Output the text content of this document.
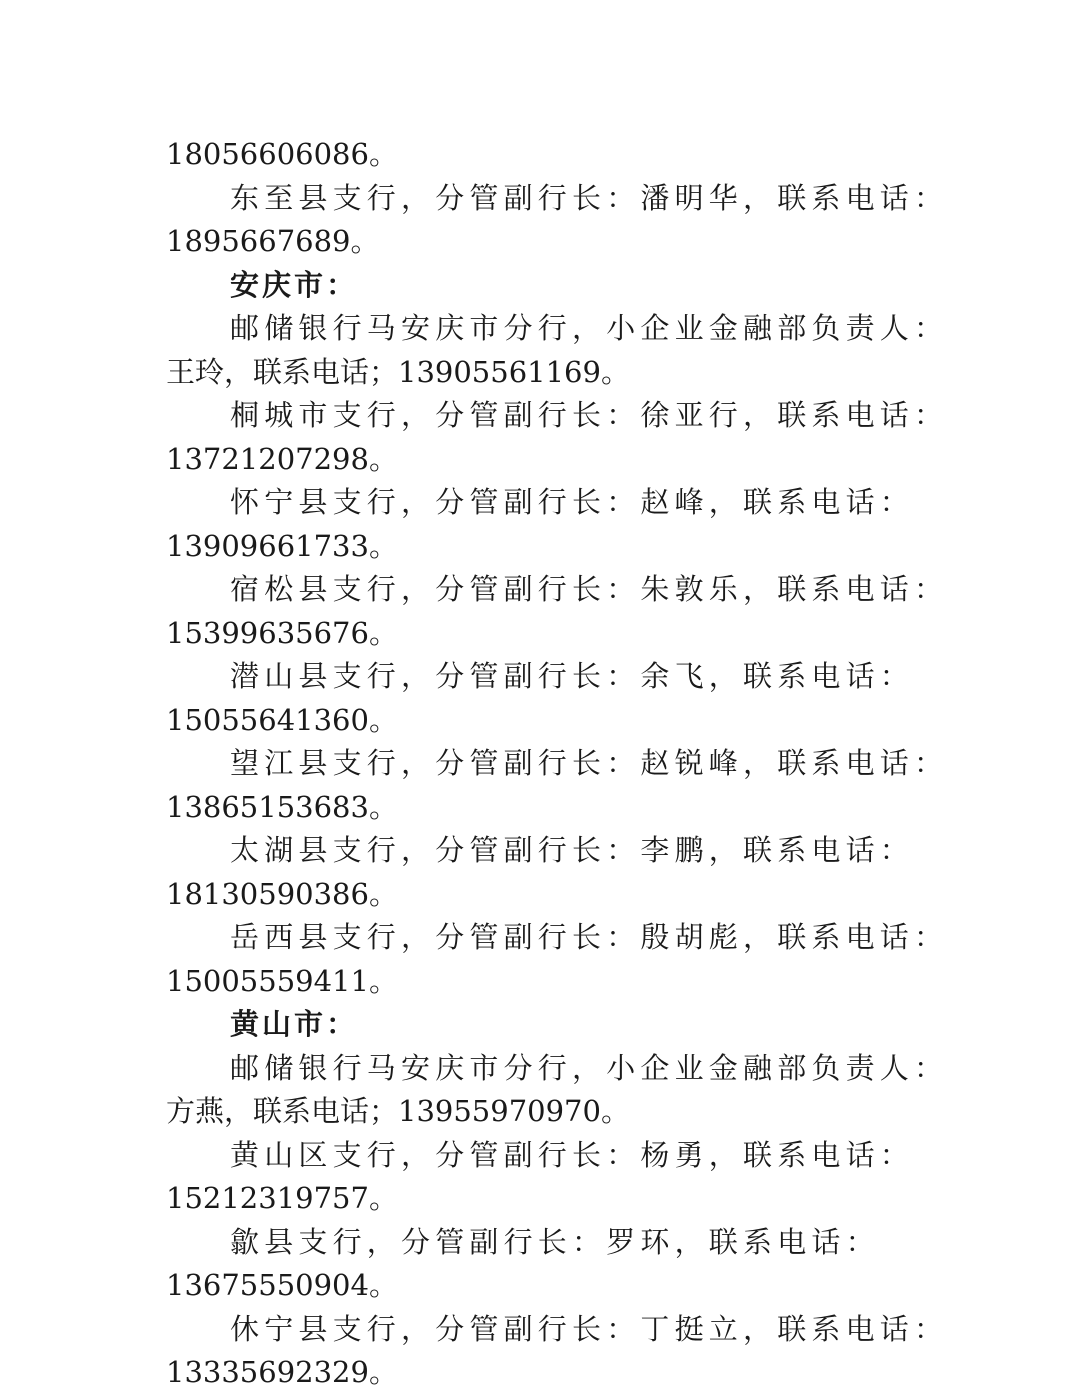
18056606086。
东至县支行，分管副行长：潘明华，联系电话：
1895667689。
安庆市：
邮储银行马安庆市分行，小企业金融部负责人：
王玲，联系电话；13905561169。
桐城市支行，分管副行长：徐亚行，联系电话：
13721207298。
怀宁县支行，分管副行长：赵峰，联系电话：
13909661733。
宿松县支行，分管副行长：朱敦乐，联系电话：
15399635676。
潜山县支行，分管副行长：余飞，联系电话：
15055641360。
望江县支行，分管副行长：赵锐峰，联系电话：
13865153683。
太湖县支行，分管副行长：李鹏，联系电话：
18130590386。
岳西县支行，分管副行长：殷胡彪，联系电话：
15005559411。
黄山市：
邮储银行马安庆市分行，小企业金融部负责人：
方燕，联系电话；13955970970。
黄山区支行，分管副行长：杨勇，联系电话：
15212319757。
歙县支行，分管副行长：罗环，联系电话：
13675550904。
休宁县支行，分管副行长：丁挺立，联系电话：
13335692329。
